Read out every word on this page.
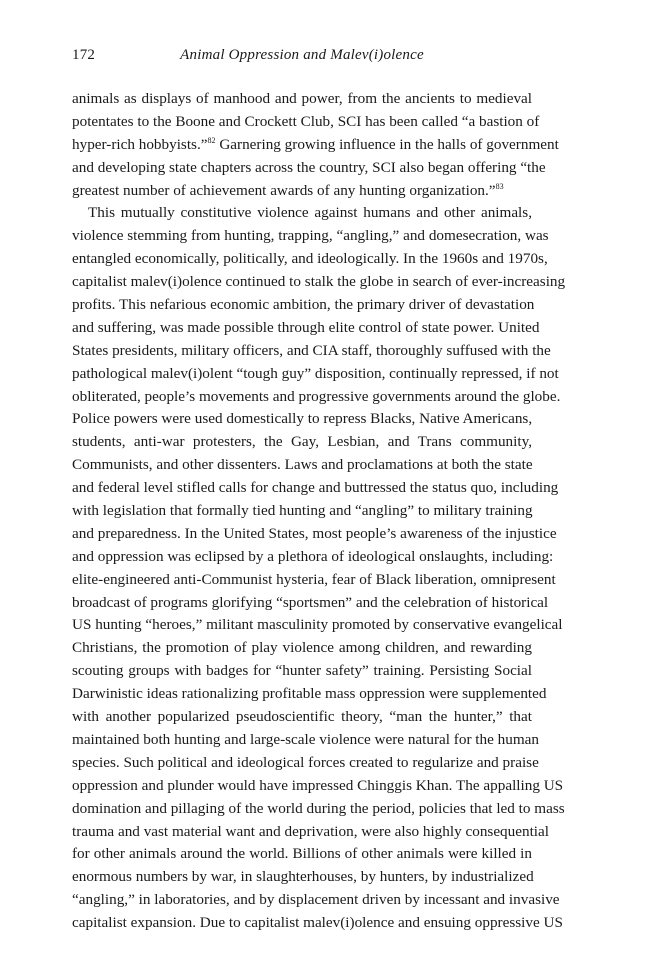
172	Animal Oppression and Malev(i)olence
animals as displays of manhood and power, from the ancients to medieval
potentates to the Boone and Crockett Club, SCI has been called “a bastion of
hyper-rich hobbyists.”$^{82}$ Garnering growing influence in the halls of government
and developing state chapters across the country, SCI also began offering “the
greatest number of achievement awards of any hunting organization.”$^{83}$
This mutually constitutive violence against humans and other animals,
violence stemming from hunting, trapping, “angling,” and domesecration, was
entangled economically, politically, and ideologically. In the 1960s and 1970s,
capitalist malev(i)olence continued to stalk the globe in search of ever-increasing
profits. This nefarious economic ambition, the primary driver of devastation
and suffering, was made possible through elite control of state power. United
States presidents, military officers, and CIA staff, thoroughly suffused with the
pathological malev(i)olent “tough guy” disposition, continually repressed, if not
obliterated, people’s movements and progressive governments around the globe.
Police powers were used domestically to repress Blacks, Native Americans,
students, anti-war protesters, the Gay, Lesbian, and Trans community,
Communists, and other dissenters. Laws and proclamations at both the state
and federal level stifled calls for change and buttressed the status quo, including
with legislation that formally tied hunting and “angling” to military training
and preparedness. In the United States, most people’s awareness of the injustice
and oppression was eclipsed by a plethora of ideological onslaughts, including:
elite-engineered anti-Communist hysteria, fear of Black liberation, omnipresent
broadcast of programs glorifying “sportsmen” and the celebration of historical
US hunting “heroes,” militant masculinity promoted by conservative evangelical
Christians, the promotion of play violence among children, and rewarding
scouting groups with badges for “hunter safety” training. Persisting Social
Darwinistic ideas rationalizing profitable mass oppression were supplemented
with another popularized pseudoscientific theory, “man the hunter,” that
maintained both hunting and large-scale violence were natural for the human
species. Such political and ideological forces created to regularize and praise
oppression and plunder would have impressed Chinggis Khan. The appalling US
domination and pillaging of the world during the period, policies that led to mass
trauma and vast material want and deprivation, were also highly consequential
for other animals around the world. Billions of other animals were killed in
enormous numbers by war, in slaughterhouses, by hunters, by industrialized
“angling,” in laboratories, and by displacement driven by incessant and invasive
capitalist expansion. Due to capitalist malev(i)olence and ensuing oppressive US
